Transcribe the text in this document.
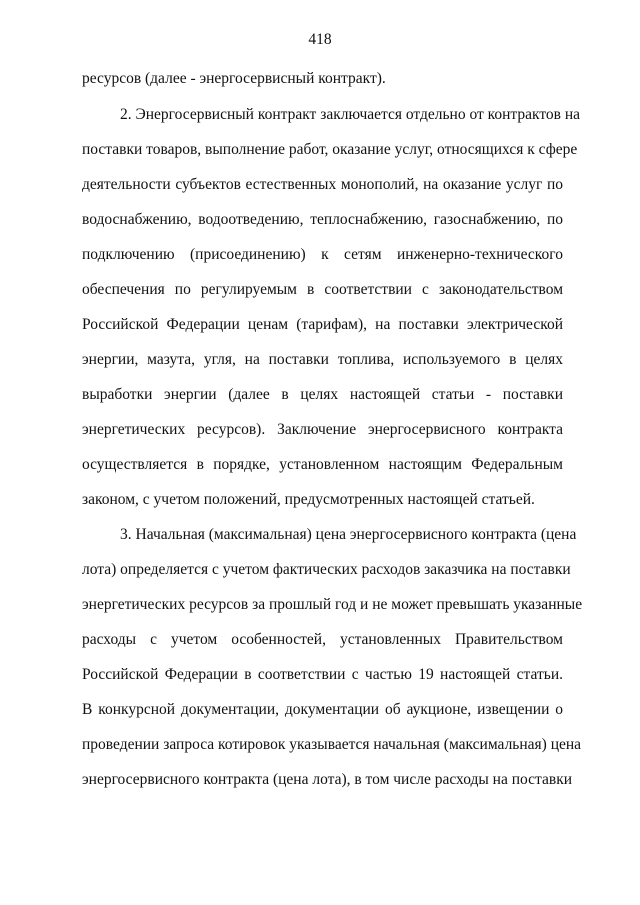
418
ресурсов (далее - энергосервисный контракт).
2. Энергосервисный контракт заключается отдельно от контрактов на
поставки товаров, выполнение работ, оказание услуг, относящихся к сфере
деятельности субъектов естественных монополий, на оказание услуг по
водоснабжению, водоотведению, теплоснабжению, газоснабжению, по
подключению (присоединению) к сетям инженерно-технического
обеспечения по регулируемым в соответствии с законодательством
Российской Федерации ценам (тарифам), на поставки электрической
энергии, мазута, угля, на поставки топлива, используемого в целях
выработки энергии (далее в целях настоящей статьи - поставки
энергетических ресурсов). Заключение энергосервисного контракта
осуществляется в порядке, установленном настоящим Федеральным
законом, с учетом положений, предусмотренных настоящей статьей.
3. Начальная (максимальная) цена энергосервисного контракта (цена
лота) определяется с учетом фактических расходов заказчика на поставки
энергетических ресурсов за прошлый год и не может превышать указанные
расходы с учетом особенностей, установленных Правительством
Российской Федерации в соответствии с частью 19 настоящей статьи.
В конкурсной документации, документации об аукционе, извещении о
проведении запроса котировок указывается начальная (максимальная) цена
энергосервисного контракта (цена лота), в том числе расходы на поставки
